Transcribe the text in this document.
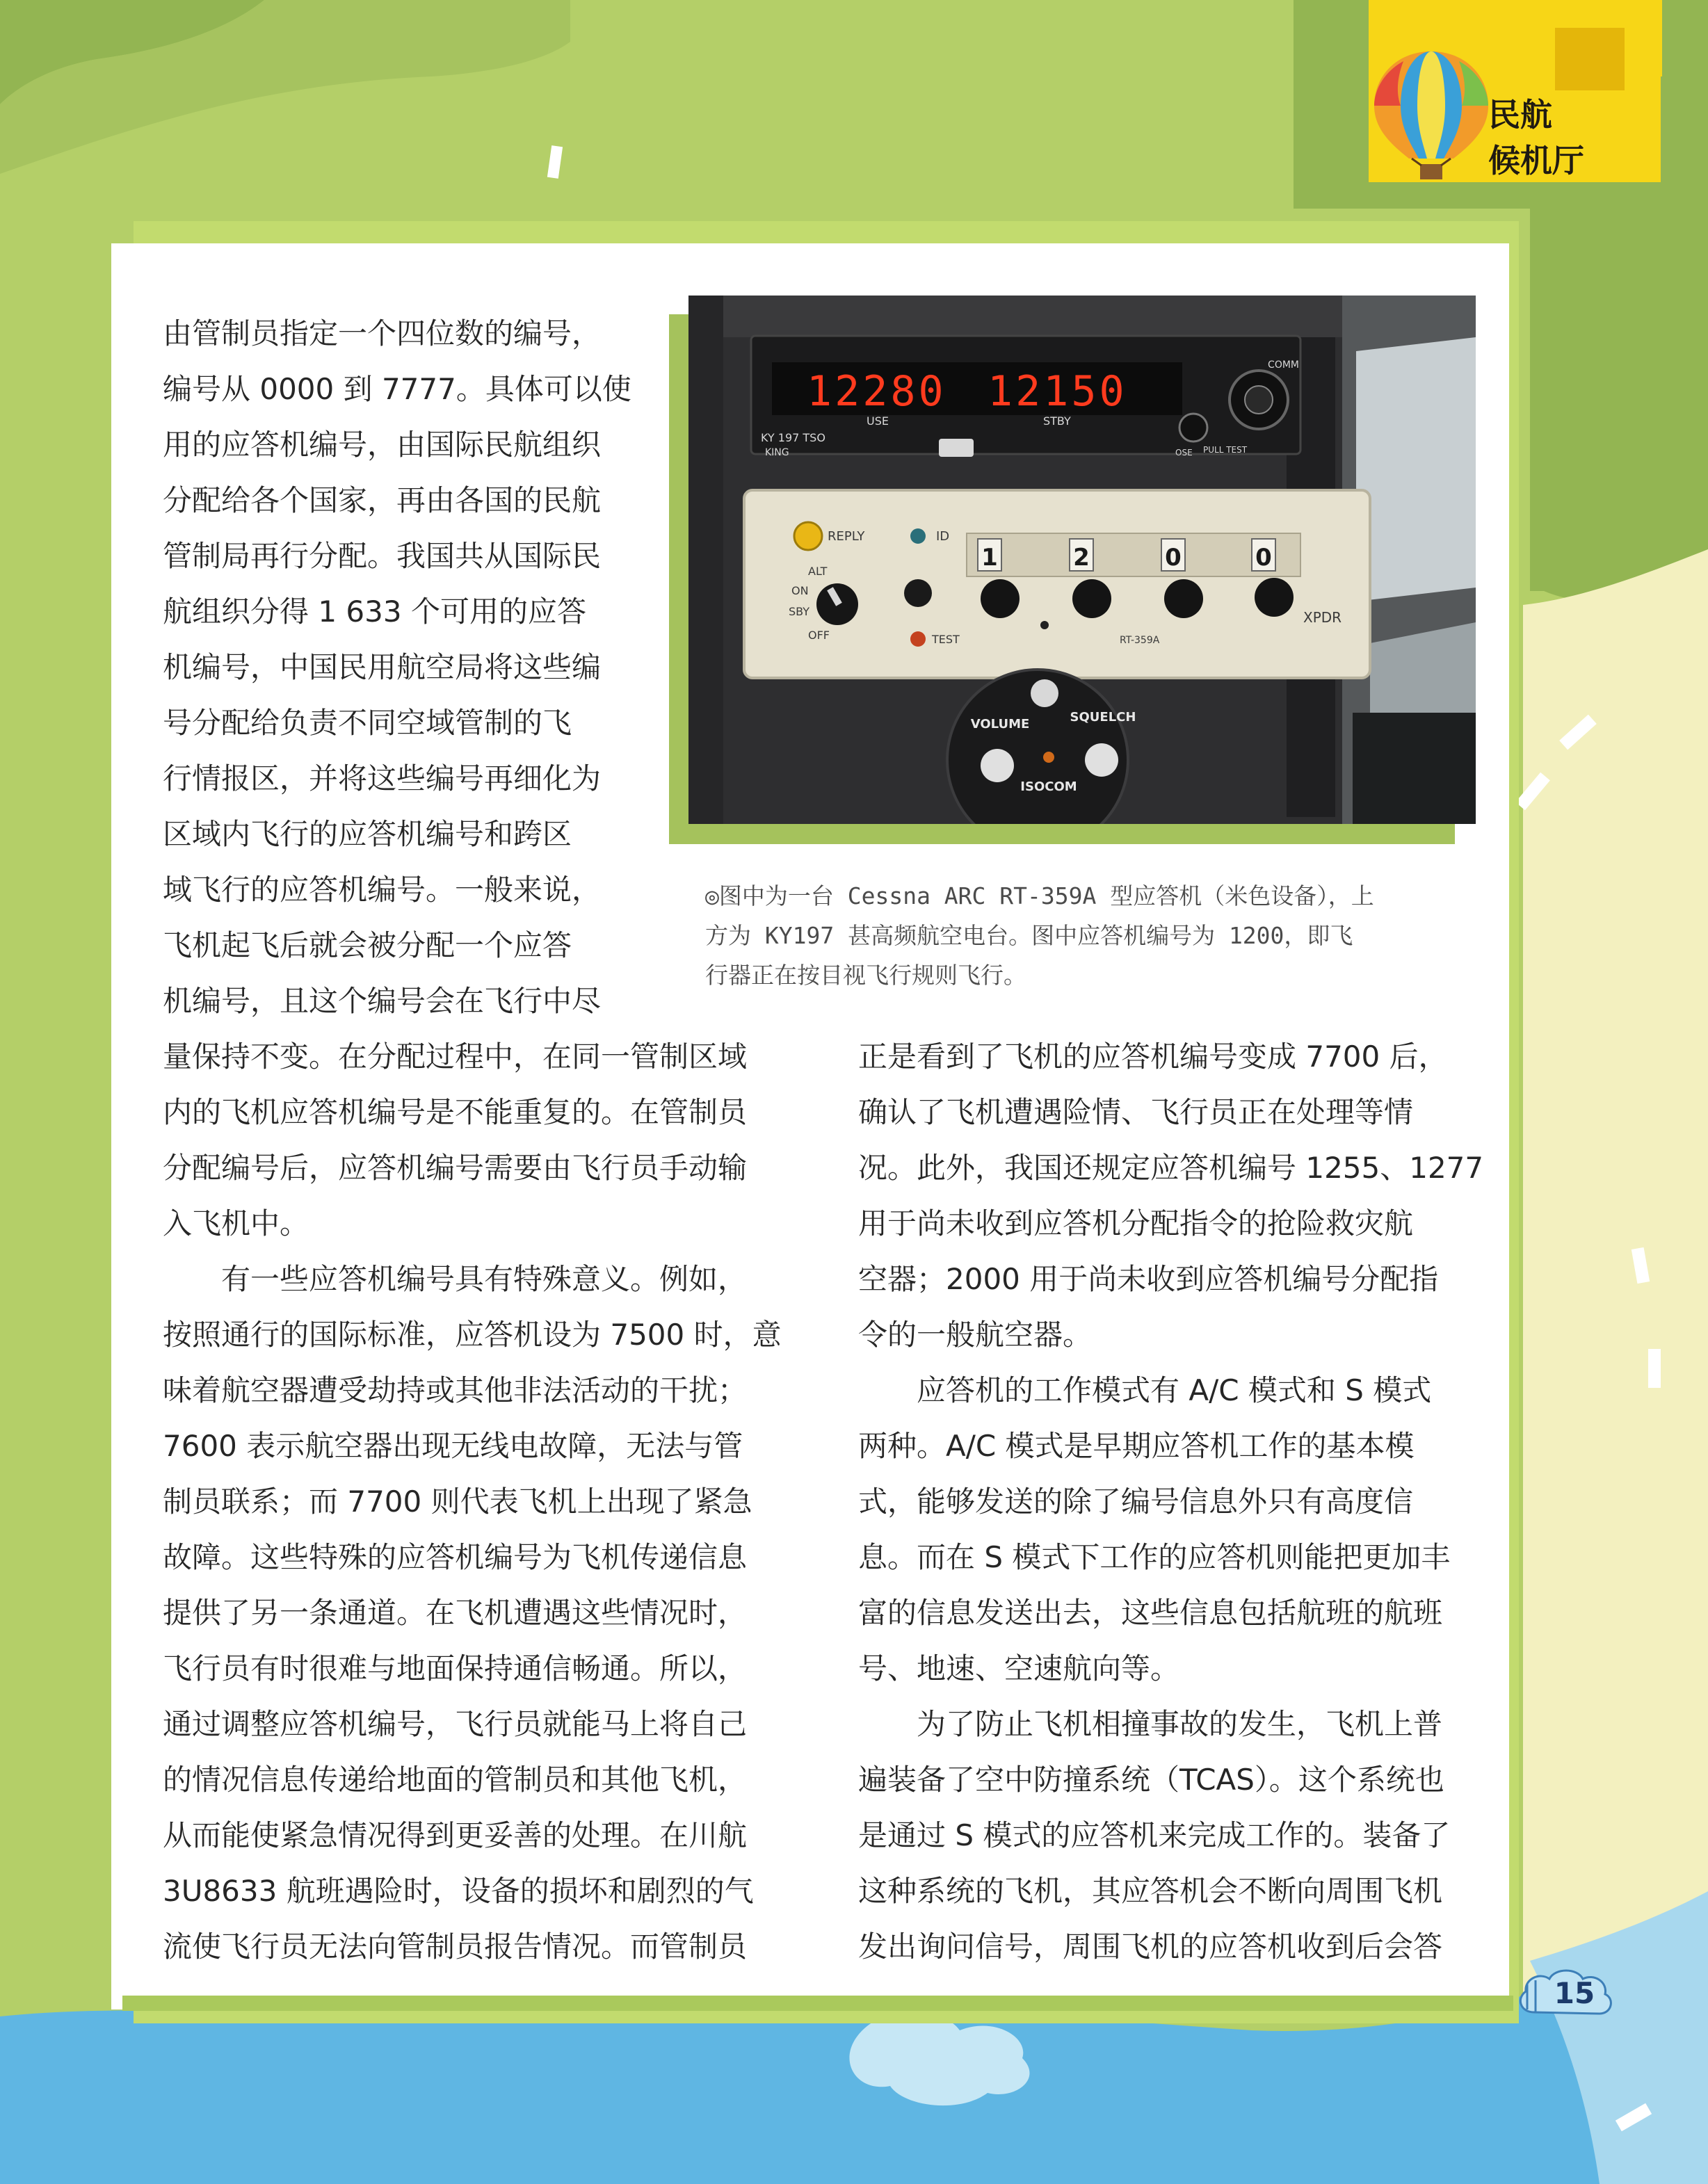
民航
候机厅
12280 12150
USE	STBY
COMM
KY 197 TSO
KING	OSE PULL TEST
REPLY	ID
ALT
ON
SBY
OFF	TEST
1	2	0	0
RT-359A
XPDR
VOLUME	SQUELCH
ISOCOM
◎图中为一台 Cessna ARC RT-359A 型应答机（米色设备），上
方为 KY197 甚高频航空电台。图中应答机编号为 1200，即飞
行器正在按目视飞行规则飞行。
由管制员指定一个四位数的编号，
编号从 0000 到 7777。具体可以使
用的应答机编号，由国际民航组织
分配给各个国家，再由各国的民航
管制局再行分配。我国共从国际民
航组织分得 1 633 个可用的应答
机编号，中国民用航空局将这些编
号分配给负责不同空域管制的飞
行情报区，并将这些编号再细化为
区域内飞行的应答机编号和跨区
域飞行的应答机编号。一般来说，
飞机起飞后就会被分配一个应答
机编号，且这个编号会在飞行中尽
量保持不变。在分配过程中，在同一管制区域
内的飞机应答机编号是不能重复的。在管制员
分配编号后，应答机编号需要由飞行员手动输
入飞机中。
　　有一些应答机编号具有特殊意义。例如，
按照通行的国际标准，应答机设为 7500 时，意
味着航空器遭受劫持或其他非法活动的干扰；
7600 表示航空器出现无线电故障，无法与管
制员联系；而 7700 则代表飞机上出现了紧急
故障。这些特殊的应答机编号为飞机传递信息
提供了另一条通道。在飞机遭遇这些情况时，
飞行员有时很难与地面保持通信畅通。所以，
通过调整应答机编号，飞行员就能马上将自己
的情况信息传递给地面的管制员和其他飞机，
从而能使紧急情况得到更妥善的处理。在川航
3U8633 航班遇险时，设备的损坏和剧烈的气
流使飞行员无法向管制员报告情况。而管制员
正是看到了飞机的应答机编号变成 7700 后，
确认了飞机遭遇险情、飞行员正在处理等情
况。此外，我国还规定应答机编号 1255、1277
用于尚未收到应答机分配指令的抢险救灾航
空器；2000 用于尚未收到应答机编号分配指
令的一般航空器。
　　应答机的工作模式有 A/C 模式和 S 模式
两种。A/C 模式是早期应答机工作的基本模
式，能够发送的除了编号信息外只有高度信
息。而在 S 模式下工作的应答机则能把更加丰
富的信息发送出去，这些信息包括航班的航班
号、地速、空速航向等。
　　为了防止飞机相撞事故的发生，飞机上普
遍装备了空中防撞系统（TCAS）。这个系统也
是通过 S 模式的应答机来完成工作的。装备了
这种系统的飞机，其应答机会不断向周围飞机
发出询问信号，周围飞机的应答机收到后会答
15
